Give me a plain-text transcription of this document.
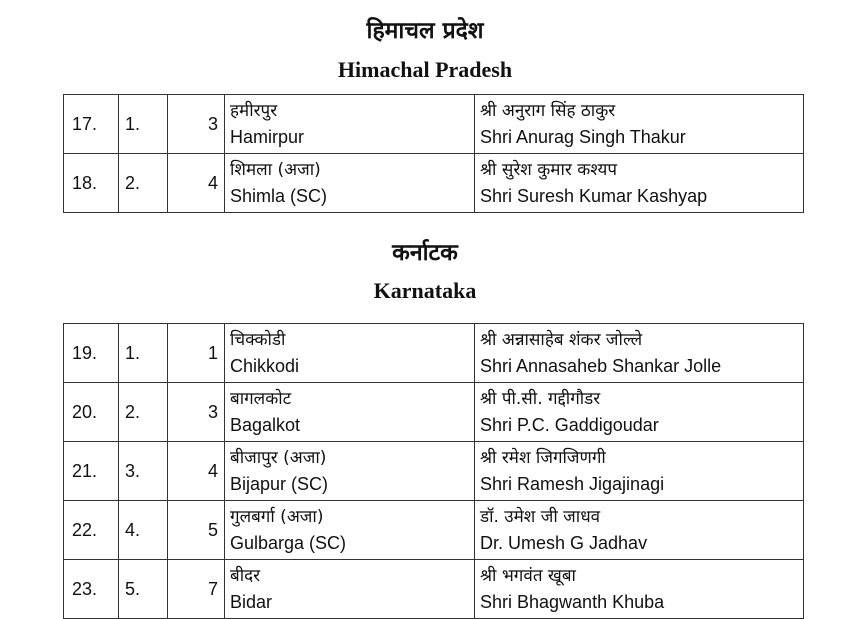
हिमाचल प्रदेश
Himachal Pradesh
17.	1.	3	हमीरपुर
Hamirpur	श्री अनुराग सिंह ठाकुर
Shri Anurag Singh Thakur

18.	2.	4	शिमला (अजा)
Shimla (SC)	श्री सुरेश कुमार कश्यप
Shri Suresh Kumar Kashyap
कर्नाटक
Karnataka
19.	1.	1	चिक्कोडी
Chikkodi	श्री अन्नासाहेब शंकर जोल्ले
Shri Annasaheb Shankar Jolle

20.	2.	3	बागलकोट
Bagalkot	श्री पी.सी. गद्दीगौडर
Shri P.C. Gaddigoudar

21.	3.	4	बीजापुर (अजा)
Bijapur (SC)	श्री रमेश जिगजिणगी
Shri Ramesh Jigajinagi

22.	4.	5	गुलबर्गा (अजा)
Gulbarga (SC)	डॉ. उमेश जी जाधव
Dr. Umesh G Jadhav

23.	5.	7	बीदर
Bidar	श्री भगवंत खूबा
Shri Bhagwanth Khuba
